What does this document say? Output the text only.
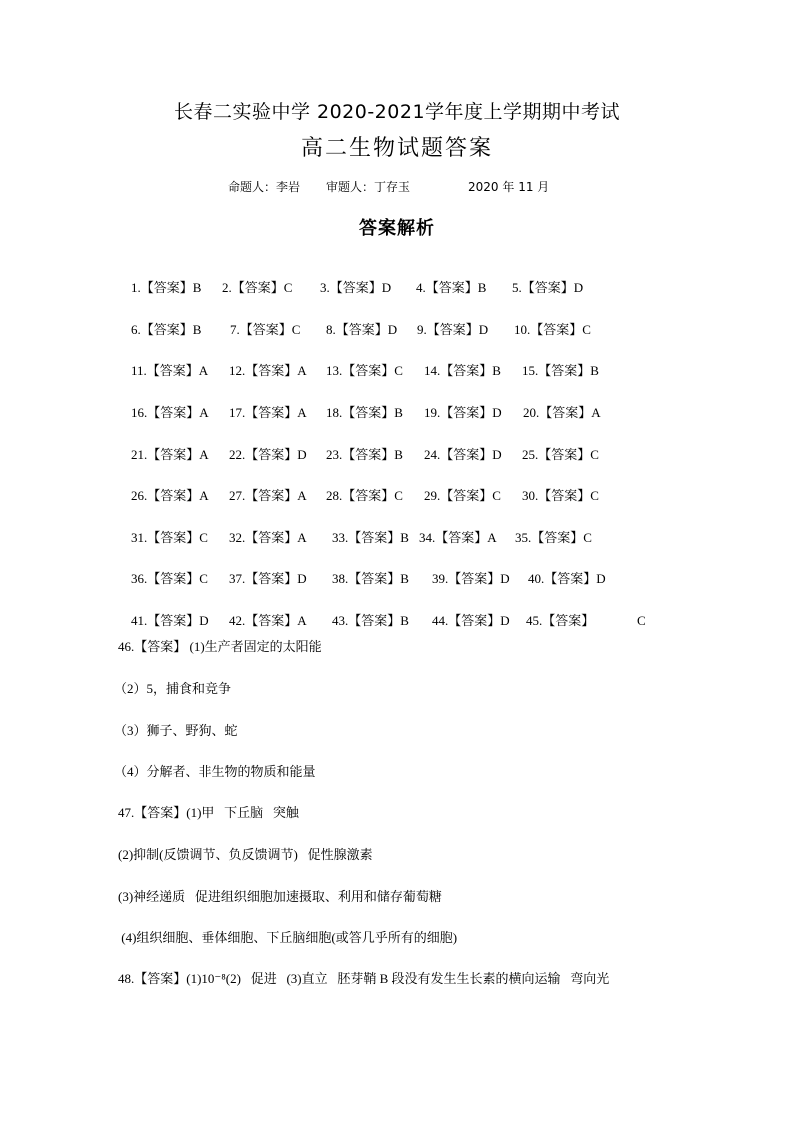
长春二实验中学 2020-2021学年度上学期期中考试
高二生物试题答案
命题人：李岩 审题人：丁存玉	2020 年 11 月
答案解析

1.【答案】B 2.【答案】C 3.【答案】D 4.【答案】B 5.【答案】D

6.【答案】B 7.【答案】C 8.【答案】D 9.【答案】D 10.【答案】C

11.【答案】A 12.【答案】A 13.【答案】C 14.【答案】B 15.【答案】B

16.【答案】A 17.【答案】A 18.【答案】B 19.【答案】D 20.【答案】A

21.【答案】A 22.【答案】D 23.【答案】B 24.【答案】D 25.【答案】C

26.【答案】A 27.【答案】A 28.【答案】C 29.【答案】C 30.【答案】C

31.【答案】C 32.【答案】A 33.【答案】B 34.【答案】A 35.【答案】C

36.【答案】C 37.【答案】D 38.【答案】B 39.【答案】D 40.【答案】D

41.【答案】D 42.【答案】A 43.【答案】B 44.【答案】D 45.【答案】	C

46.【答案】 (1)生产者固定的太阳能
（2）5，捕食和竞争
（3）狮子、野狗、蛇
（4）分解者、非生物的物质和能量
47.【答案】(1)甲   下丘脑   突触
(2)抑制(反馈调节、负反馈调节)   促性腺激素
(3)神经递质   促进组织细胞加速摄取、利用和储存葡萄糖
(4)组织细胞、垂体细胞、下丘脑细胞(或答几乎所有的细胞)
48.【答案】(1)10⁻⁸(2)   促进   (3)直立   胚芽鞘 B 段没有发生生长素的横向运输   弯向光
